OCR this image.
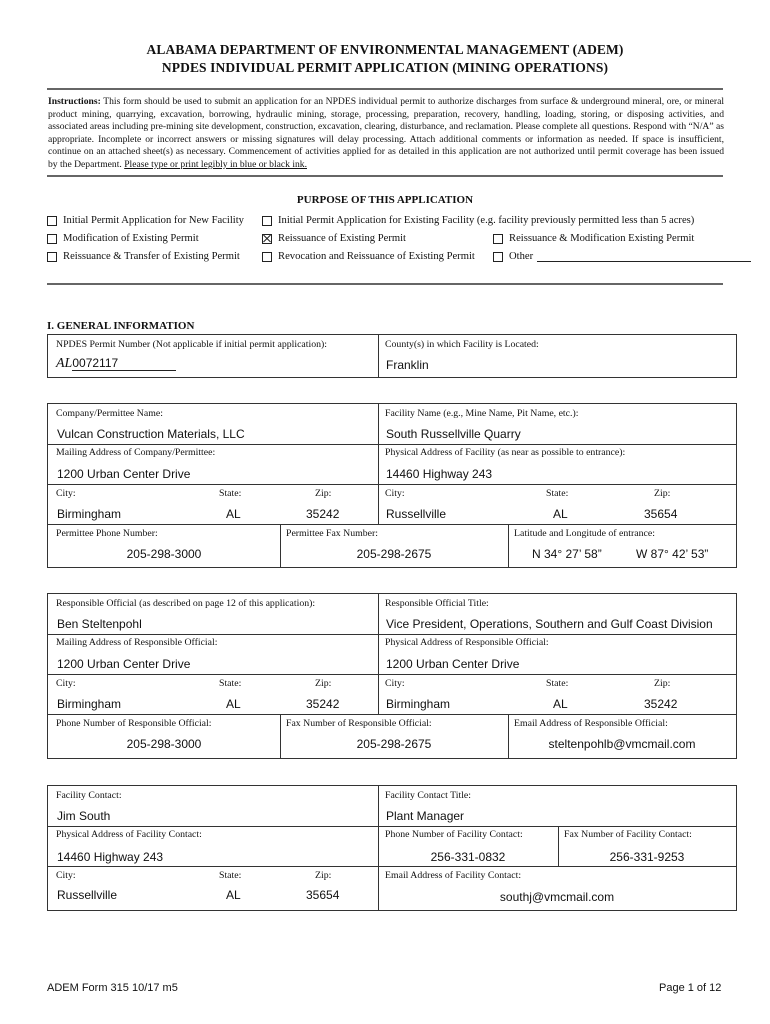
ALABAMA DEPARTMENT OF ENVIRONMENTAL MANAGEMENT (ADEM)
NPDES INDIVIDUAL PERMIT APPLICATION (MINING OPERATIONS)
Instructions: This form should be used to submit an application for an NPDES individual permit to authorize discharges from surface & underground mineral, ore, or mineral product mining, quarrying, excavation, borrowing, hydraulic mining, storage, processing, preparation, recovery, handling, loading, storing, or disposing activities, and associated areas including pre-mining site development, construction, excavation, clearing, disturbance, and reclamation. Please complete all questions. Respond with “N/A” as appropriate. Incomplete or incorrect answers or missing signatures will delay processing. Attach additional comments or information as needed. If space is insufficient, continue on an attached sheet(s) as necessary. Commencement of activities applied for as detailed in this application are not authorized until permit coverage has been issued by the Department. Please type or print legibly in blue or black ink.
PURPOSE OF THIS APPLICATION
Initial Permit Application for New Facility	Initial Permit Application for Existing Facility (e.g. facility previously permitted less than 5 acres)
Modification of Existing Permit	Reissuance of Existing Permit	Reissuance & Modification Existing Permit
Reissuance & Transfer of Existing Permit	Revocation and Reissuance of Existing Permit	Other
I. GENERAL INFORMATION
NPDES Permit Number (Not applicable if initial permit application):
AL0072117
County(s) in which Facility is Located:
Franklin
Company/Permittee Name:
Vulcan Construction Materials, LLC
Facility Name (e.g., Mine Name, Pit Name, etc.):
South Russellville Quarry
Mailing Address of Company/Permittee:
1200 Urban Center Drive
Physical Address of Facility (as near as possible to entrance):
14460 Highway 243
City:	State:	Zip:
Birmingham	AL	35242
City:	State:	Zip:
Russellville	AL	35654
Permittee Phone Number:
205-298-3000
Permittee Fax Number:
205-298-2675
Latitude and Longitude of entrance:
N 34° 27’ 58”	W 87° 42’ 53”
Responsible Official (as described on page 12 of this application):
Ben Steltenpohl
Responsible Official Title:
Vice President, Operations, Southern and Gulf Coast Division
Mailing Address of Responsible Official:
1200 Urban Center Drive
Physical Address of Responsible Official:
1200 Urban Center Drive
City:	State:	Zip:
Birmingham	AL	35242
City:	State:	Zip:
Birmingham	AL	35242
Phone Number of Responsible Official:
205-298-3000
Fax Number of Responsible Official:
205-298-2675
Email Address of Responsible Official:
steltenpohlb@vmcmail.com
Facility Contact:
Jim South
Facility Contact Title:
Plant Manager
Physical Address of Facility Contact:
14460 Highway 243
Phone Number of Facility Contact:
256-331-0832
Fax Number of Facility Contact:
256-331-9253
City:	State:	Zip:
Russellville	AL	35654
Email Address of Facility Contact:
southj@vmcmail.com
ADEM Form 315 10/17 m5	Page 1 of 12
